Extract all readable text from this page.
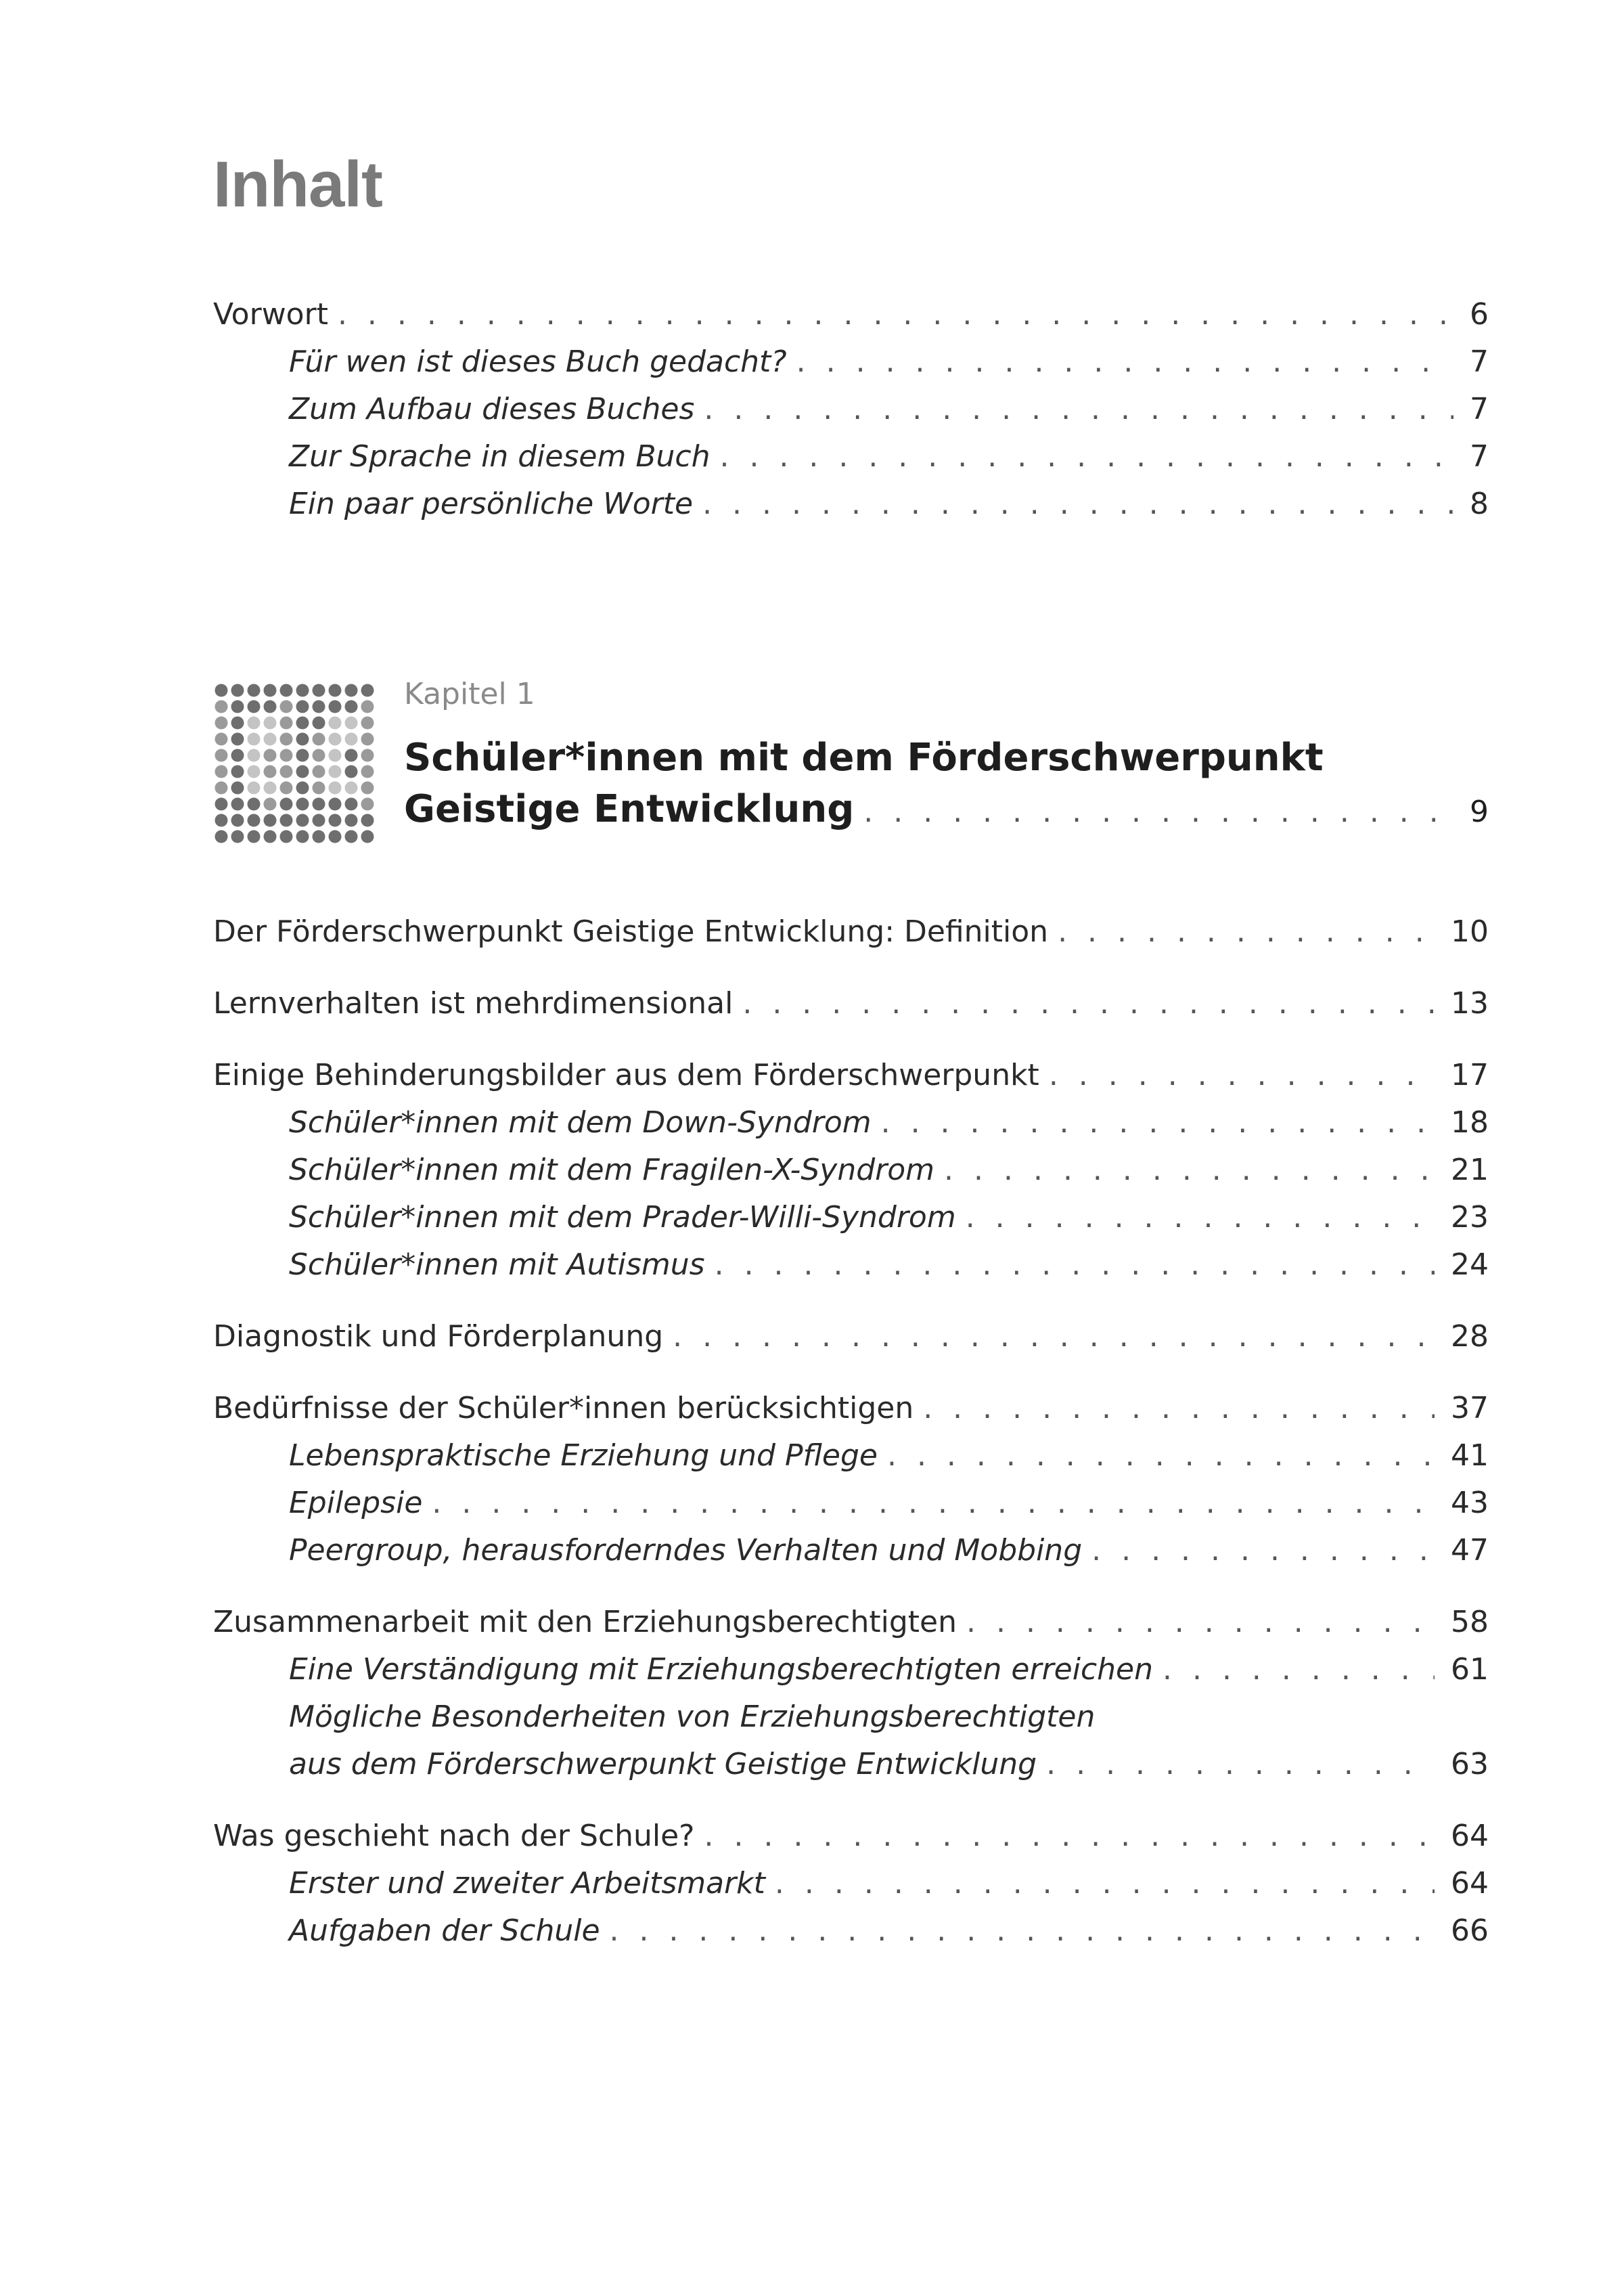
Inhalt
Vorwort . . .	6
Für wen ist dieses Buch gedacht? . . .	7
Zum Aufbau dieses Buches . . .	7
Zur Sprache in diesem Buch . . .	7
Ein paar persönliche Worte . . .	8
Kapitel 1
Schüler*innen mit dem Förderschwerpunkt
Geistige Entwicklung . . .	9
Der Förderschwerpunkt Geistige Entwicklung: Definition . . .	10
Lernverhalten ist mehrdimensional . . .	13
Einige Behinderungsbilder aus dem Förderschwerpunkt . . .	17
Schüler*innen mit dem Down-Syndrom . . .	18
Schüler*innen mit dem Fragilen-X-Syndrom . . .	21
Schüler*innen mit dem Prader-Willi-Syndrom . . .	23
Schüler*innen mit Autismus . . .	24
Diagnostik und Förderplanung . . .	28
Bedürfnisse der Schüler*innen berücksichtigen . . .	37
Lebenspraktische Erziehung und Pflege . . .	41
Epilepsie . . .	43
Peergroup, herausforderndes Verhalten und Mobbing . . .	47
Zusammenarbeit mit den Erziehungsberechtigten . . .	58
Eine Verständigung mit Erziehungsberechtigten erreichen . . .	61
Mögliche Besonderheiten von Erziehungsberechtigten
aus dem Förderschwerpunkt Geistige Entwicklung . . .	63
Was geschieht nach der Schule? . . .	64
Erster und zweiter Arbeitsmarkt . . .	64
Aufgaben der Schule . . .	66
